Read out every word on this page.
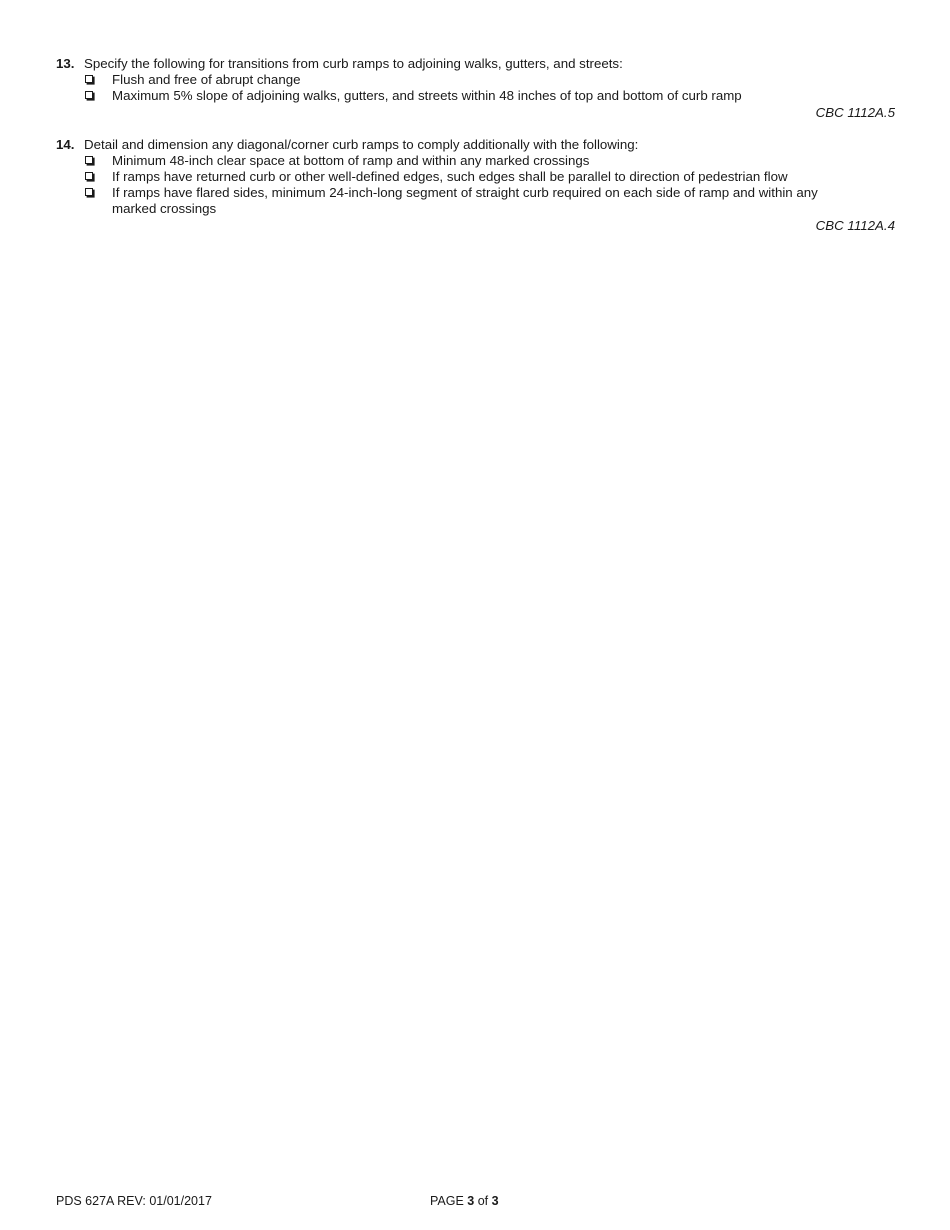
13. Specify the following for transitions from curb ramps to adjoining walks, gutters, and streets:
Flush and free of abrupt change
Maximum 5% slope of adjoining walks, gutters, and streets within 48 inches of top and bottom of curb ramp
CBC 1112A.5
14. Detail and dimension any diagonal/corner curb ramps to comply additionally with the following:
Minimum 48-inch clear space at bottom of ramp and within any marked crossings
If ramps have returned curb or other well-defined edges, such edges shall be parallel to direction of pedestrian flow
If ramps have flared sides, minimum 24-inch-long segment of straight curb required on each side of ramp and within any marked crossings
CBC 1112A.4
PDS 627A REV: 01/01/2017	PAGE 3 of 3
